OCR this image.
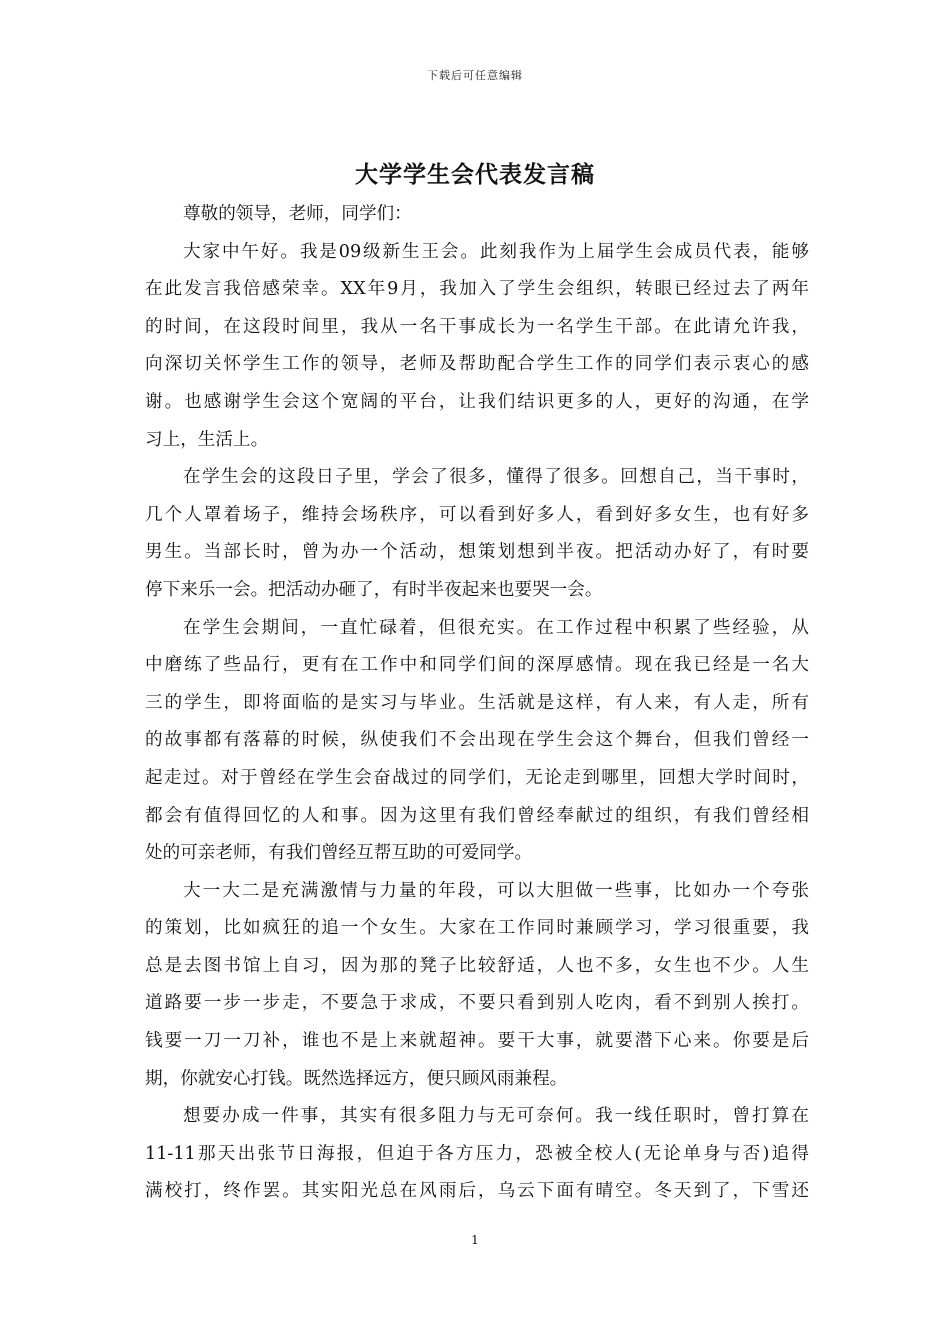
下载后可任意编辑
大学学生会代表发言稿
尊敬的领导，老师，同学们：
大家中午好。我是09级新生王会。此刻我作为上届学生会成员代表，能够
在此发言我倍感荣幸。XX年9月，我加入了学生会组织，转眼已经过去了两年
的时间，在这段时间里，我从一名干事成长为一名学生干部。在此请允许我，
向深切关怀学生工作的领导，老师及帮助配合学生工作的同学们表示衷心的感
谢。也感谢学生会这个宽阔的平台，让我们结识更多的人，更好的沟通，在学
习上，生活上。
在学生会的这段日子里，学会了很多，懂得了很多。回想自己，当干事时，
几个人罩着场子，维持会场秩序，可以看到好多人，看到好多女生，也有好多
男生。当部长时，曾为办一个活动，想策划想到半夜。把活动办好了，有时要
停下来乐一会。把活动办砸了，有时半夜起来也要哭一会。
在学生会期间，一直忙碌着，但很充实。在工作过程中积累了些经验，从
中磨练了些品行，更有在工作中和同学们间的深厚感情。现在我已经是一名大
三的学生，即将面临的是实习与毕业。生活就是这样，有人来，有人走，所有
的故事都有落幕的时候，纵使我们不会出现在学生会这个舞台，但我们曾经一
起走过。对于曾经在学生会奋战过的同学们，无论走到哪里，回想大学时间时，
都会有值得回忆的人和事。因为这里有我们曾经奉献过的组织，有我们曾经相
处的可亲老师，有我们曾经互帮互助的可爱同学。
大一大二是充满激情与力量的年段，可以大胆做一些事，比如办一个夸张
的策划，比如疯狂的追一个女生。大家在工作同时兼顾学习，学习很重要，我
总是去图书馆上自习，因为那的凳子比较舒适，人也不多，女生也不少。人生
道路要一步一步走，不要急于求成，不要只看到别人吃肉，看不到别人挨打。
钱要一刀一刀补，谁也不是上来就超神。要干大事，就要潜下心来。你要是后
期，你就安心打钱。既然选择远方，便只顾风雨兼程。
想要办成一件事，其实有很多阻力与无可奈何。我一线任职时，曾打算在
11-11那天出张节日海报，但迫于各方压力，恐被全校人(无论单身与否)追得
满校打，终作罢。其实阳光总在风雨后，乌云下面有晴空。冬天到了，下雪还
1
